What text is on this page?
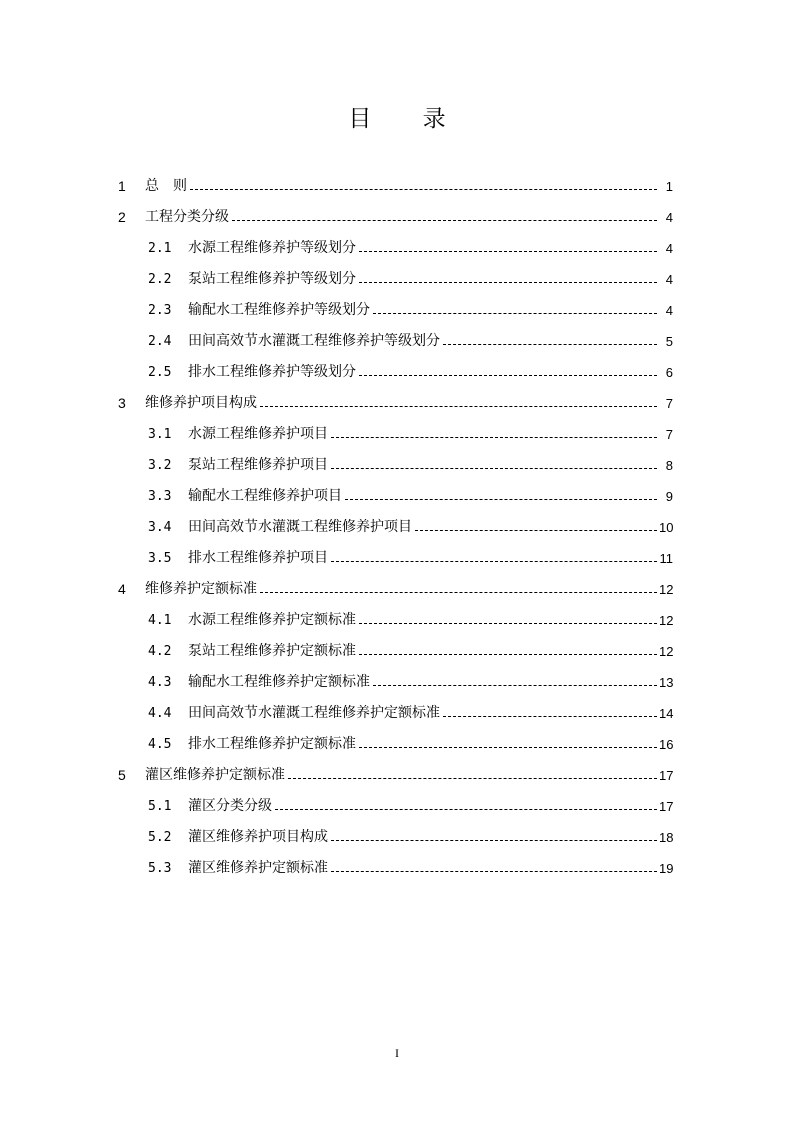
目 录
1	总　则	1
2	工程分类分级	4
2.1	水源工程维修养护等级划分	4
2.2	泵站工程维修养护等级划分	4
2.3	输配水工程维修养护等级划分	4
2.4	田间高效节水灌溉工程维修养护等级划分	5
2.5	排水工程维修养护等级划分	6
3	维修养护项目构成	7
3.1	水源工程维修养护项目	7
3.2	泵站工程维修养护项目	8
3.3	输配水工程维修养护项目	9
3.4	田间高效节水灌溉工程维修养护项目	10
3.5	排水工程维修养护项目	11
4	维修养护定额标准	12
4.1	水源工程维修养护定额标准	12
4.2	泵站工程维修养护定额标准	12
4.3	输配水工程维修养护定额标准	13
4.4	田间高效节水灌溉工程维修养护定额标准	14
4.5	排水工程维修养护定额标准	16
5	灌区维修养护定额标准	17
5.1	灌区分类分级	17
5.2	灌区维修养护项目构成	18
5.3	灌区维修养护定额标准	19
I
